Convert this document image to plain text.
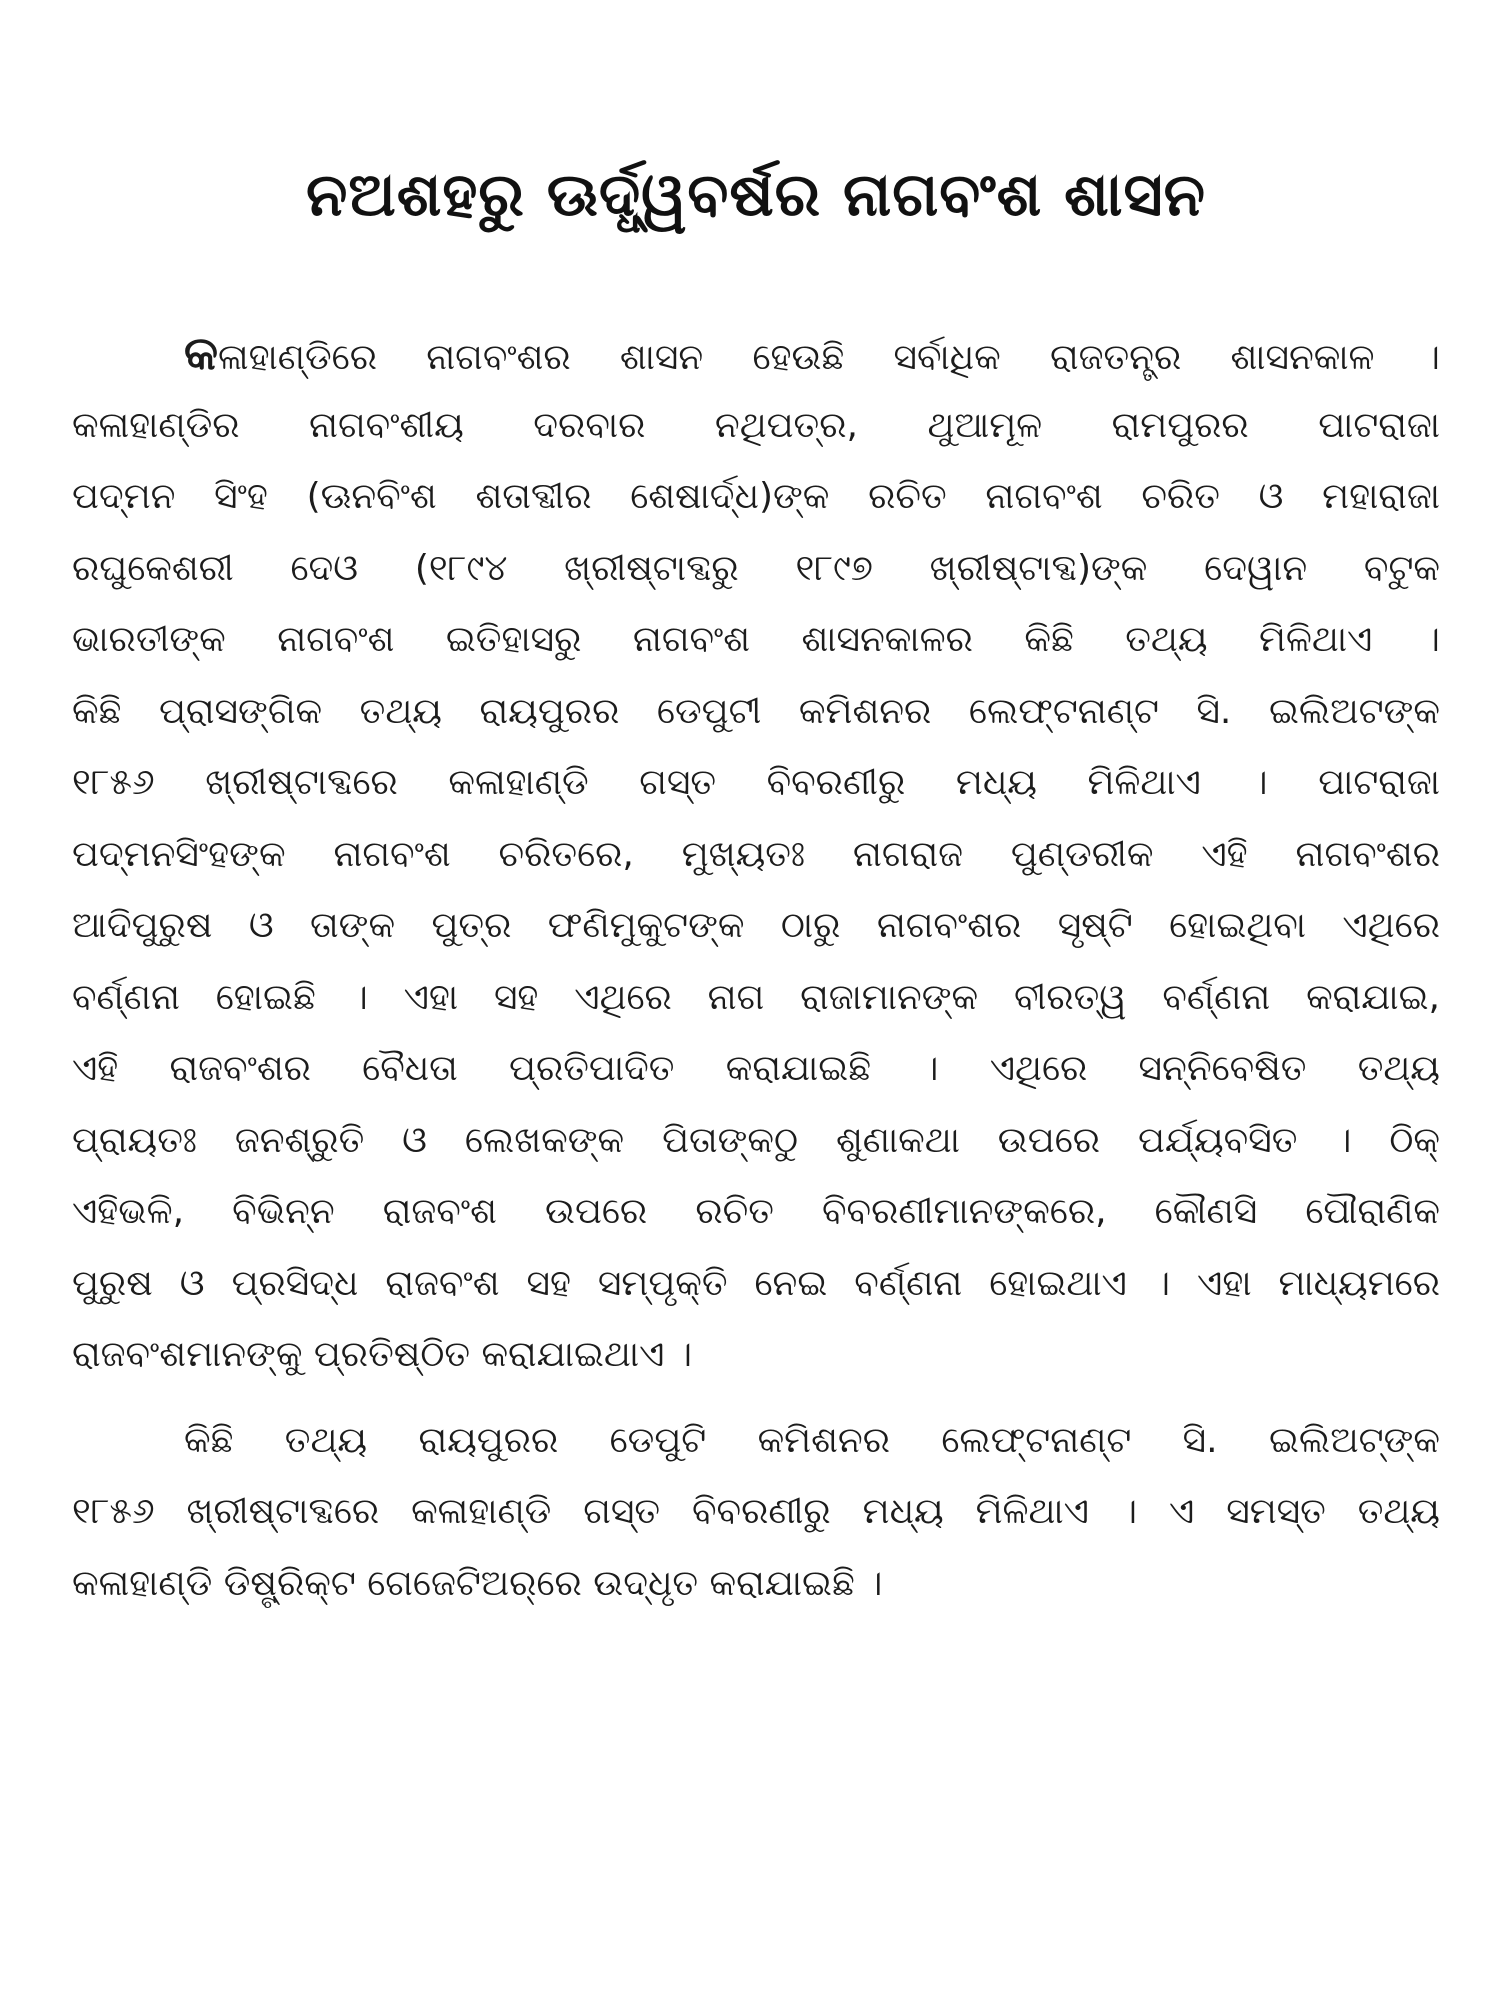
ନଅଶହରୁ ଊର୍ଦ୍ଧ୍ୱବର୍ଷର ନାଗବଂଶ ଶାସନ
କଳାହାଣ୍ଡିରେ ନାଗବଂଶର ଶାସନ ହେଉଛି ସର୍ବାଧିକ ରାଜତନ୍ତ୍ର ଶାସନକାଳ ।
କଳାହାଣ୍ଡିର ନାଗବଂଶୀୟ ଦରବାର ନଥିପତ୍ର, ଥୁଆମୂଳ ରାମପୁରର ପାଟରାଜା
ପଦ୍ମନ ସିଂହ (ଊନବିଂଶ ଶତାବ୍ଦୀର ଶେଷାର୍ଦ୍ଧ)ଙ୍କ ରଚିତ ନାଗବଂଶ ଚରିତ ଓ ମହାରାଜା
ରଘୁକେଶରୀ ଦେଓ (୧୮୯୪ ଖ୍ରୀଷ୍ଟାବ୍ଦରୁ ୧୮୯୭ ଖ୍ରୀଷ୍ଟାବ୍ଦ)ଙ୍କ ଦେୱାନ ବଟୁକ
ଭାରତୀଙ୍କ ନାଗବଂଶ ଇତିହାସରୁ ନାଗବଂଶ ଶାସନକାଳର କିଛି ତଥ୍ୟ ମିଳିଥାଏ ।
କିଛି ପ୍ରାସଙ୍ଗିକ ତଥ୍ୟ ରାୟପୁରର ଡେପୁଟୀ କମିଶନର ଲେଫ୍ଟନାଣ୍ଟ ସି. ଇଲିଅଟଙ୍କ
୧୮୫୬ ଖ୍ରୀଷ୍ଟାବ୍ଦରେ କଳାହାଣ୍ଡି ଗସ୍ତ ବିବରଣୀରୁ ମଧ୍ୟ ମିଳିଥାଏ । ପାଟରାଜା
ପଦ୍ମନସିଂହଙ୍କ ନାଗବଂଶ ଚରିତରେ, ମୁଖ୍ୟତଃ ନାଗରାଜ ପୁଣ୍ଡରୀକ ଏହି ନାଗବଂଶର
ଆଦିପୁରୁଷ ଓ ତାଙ୍କ ପୁତ୍ର ଫଣିମୁକୁଟଙ୍କ ଠାରୁ ନାଗବଂଶର ସୃଷ୍ଟି ହୋଇଥିବା ଏଥିରେ
ବର୍ଣ୍ଣନା ହୋଇଛି । ଏହା ସହ ଏଥିରେ ନାଗ ରାଜାମାନଙ୍କ ବୀରତ୍ୱ ବର୍ଣ୍ଣନା କରାଯାଇ,
ଏହି ରାଜବଂଶର ବୈଧତା ପ୍ରତିପାଦିତ କରାଯାଇଛି । ଏଥିରେ ସନ୍ନିବେଷିତ ତଥ୍ୟ
ପ୍ରାୟତଃ ଜନଶ୍ରୁତି ଓ ଲେଖକଙ୍କ ପିତାଙ୍କଠୁ ଶୁଣାକଥା ଉପରେ ପର୍ଯ୍ୟବସିତ । ଠିକ୍
ଏହିଭଳି, ବିଭିନ୍ନ ରାଜବଂଶ ଉପରେ ରଚିତ ବିବରଣୀମାନଙ୍କରେ, କୌଣସି ପୌରାଣିକ
ପୁରୁଷ ଓ ପ୍ରସିଦ୍ଧ ରାଜବଂଶ ସହ ସମ୍ପୃକ୍ତି ନେଇ ବର୍ଣ୍ଣନା ହୋଇଥାଏ । ଏହା ମାଧ୍ୟମରେ
ରାଜବଂଶମାନଙ୍କୁ ପ୍ରତିଷ୍ଠିତ କରାଯାଇଥାଏ ।
କିଛି ତଥ୍ୟ ରାୟପୁରର ଡେପୁଟି କମିଶନର ଲେଫ୍ଟନାଣ୍ଟ ସି. ଇଲିଅଟ୍‌ଙ୍କ
୧୮୫୬ ଖ୍ରୀଷ୍ଟାବ୍ଦରେ କଳାହାଣ୍ଡି ଗସ୍ତ ବିବରଣୀରୁ ମଧ୍ୟ ମିଳିଥାଏ । ଏ ସମସ୍ତ ତଥ୍ୟ
କଳାହାଣ୍ଡି ଡିଷ୍ଟ୍ରିକ୍ଟ ଗେଜେଟିଅର୍‌ରେ ଉଦ୍ଧୃତ କରାଯାଇଛି ।
